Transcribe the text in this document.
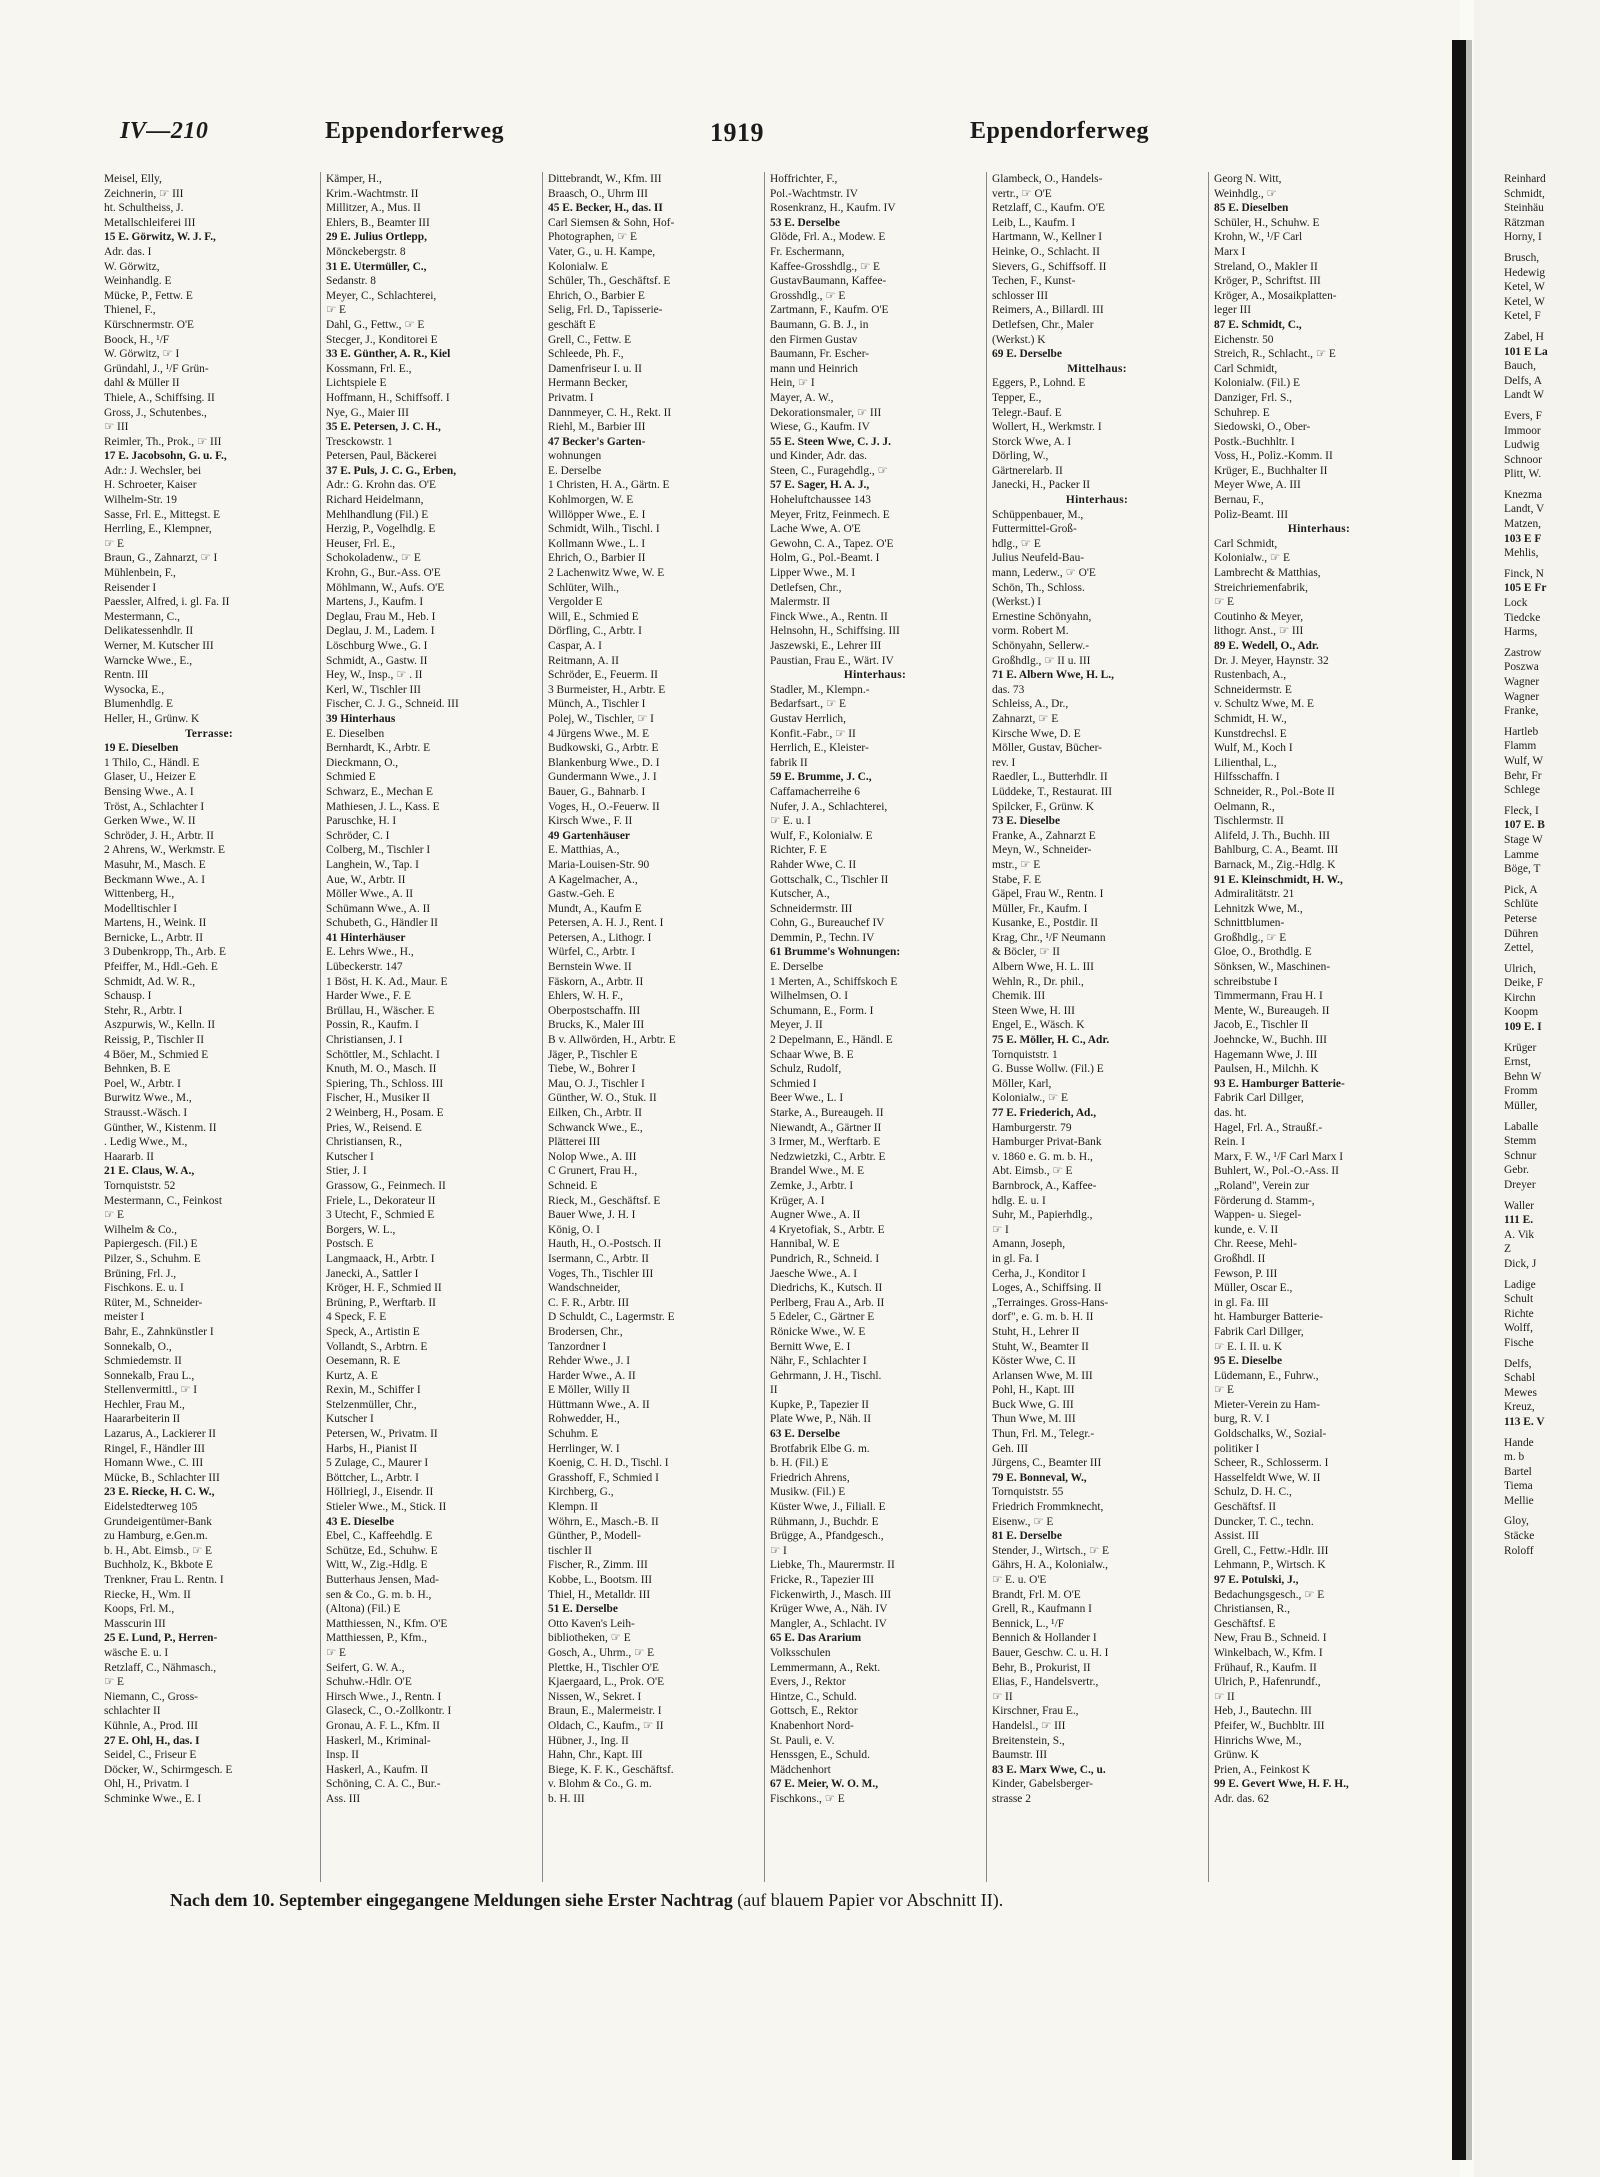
IV—210	Eppendorferweg	1919	Eppendorferweg
Meisel, Elly,
Zeichnerin, ☞ III
ht. Schultheiss, J.
Metallschleiferei III
15 E. Görwitz, W. J. F.,
Adr. das. I
W. Görwitz,
Weinhandlg. E
Mücke, P., Fettw. E
Thienel, F.,
Kürschnermstr. O'E
Boock, H., ¹/F
W. Görwitz, ☞ I
Gründahl, J., ¹/F Grün-
dahl & Müller II
Thiele, A., Schiffsing. II
Gross, J., Schutenbes.,
☞ III
Reimler, Th., Prok., ☞ III
17 E. Jacobsohn, G. u. F.,
Adr.: J. Wechsler, bei
H. Schroeter, Kaiser
Wilhelm-Str. 19
Sasse, Frl. E., Mittegst. E
Herrling, E., Klempner,
☞ E
Braun, G., Zahnarzt, ☞ I
Mühlenbein, F.,
Reisender I
Paessler, Alfred, i. gl. Fa. II
Mestermann, C.,
Delikatessenhdlr. II
Werner, M. Kutscher III
Warncke Wwe., E.,
Rentn. III
Wysocka, E.,
Blumenhdlg. E
Heller, H., Grünw. K
Terrasse:
19 E. Dieselben
1 Thilo, C., Händl. E
Glaser, U., Heizer E
Bensing Wwe., A. I
Tröst, A., Schlachter I
Gerken Wwe., W. II
Schröder, J. H., Arbtr. II
2 Ahrens, W., Werkmstr. E
Masuhr, M., Masch. E
Beckmann Wwe., A. I
Wittenberg, H.,
Modelltischler I
Martens, H., Weink. II
Bernicke, L., Arbtr. II
3 Dubenkropp, Th., Arb. E
Pfeiffer, M., Hdl.-Geh. E
Schmidt, Ad. W. R.,
Schausp. I
Stehr, R., Arbtr. I
Aszpurwis, W., Kelln. II
Reissig, P., Tischler II
4 Böer, M., Schmied E
Behnken, B. E
Poel, W., Arbtr. I
Burwitz Wwe., M.,
Strausst.-Wäsch. I
Günther, W., Kistenm. II
. Ledig Wwe., M.,
Haararb. II
21 E. Claus, W. A.,
Tornquiststr. 52
Mestermann, C., Feinkost
☞ E
Wilhelm & Co.,
Papiergesch. (Fil.) E
Pilzer, S., Schuhm. E
Brüning, Frl. J.,
Fischkons. E. u. I
Rüter, M., Schneider-
meister I
Bahr, E., Zahnkünstler I
Sonnekalb, O.,
Schmiedemstr. II
Sonnekalb, Frau L.,
Stellenvermittl., ☞ I
Hechler, Frau M.,
Haararbeiterin II
Lazarus, A., Lackierer II
Ringel, F., Händler III
Homann Wwe., C. III
Mücke, B., Schlachter III
23 E. Riecke, H. C. W.,
Eidelstedterweg 105
Grundeigentümer-Bank
zu Hamburg, e.Gen.m.
b. H., Abt. Eimsb., ☞ E
Buchholz, K., Bkbote E
Trenkner, Frau L. Rentn. I
Riecke, H., Wm. II
Koops, Frl. M.,
Masscurin III
25 E. Lund, P., Herren-
wäsche E. u. I
Retzlaff, C., Nähmasch.,
☞ E
Niemann, C., Gross-
schlachter II
Kühnle, A., Prod. III
27 E. Ohl, H., das. I
Seidel, C., Friseur E
Döcker, W., Schirmgesch. E
Ohl, H., Privatm. I
Schminke Wwe., E. I
Kämper, H.,
Krim.-Wachtmstr. II
Millitzer, A., Mus. II
Ehlers, B., Beamter III
29 E. Julius Ortlepp,
Mönckebergstr. 8
31 E. Utermüller, C.,
Sedanstr. 8
Meyer, C., Schlachterei,
☞ E
Dahl, G., Fettw., ☞ E
Stecger, J., Konditorei E
33 E. Günther, A. R., Kiel
Kossmann, Frl. E.,
Lichtspiele E
Hoffmann, H., Schiffsoff. I
Nye, G., Maier III
35 E. Petersen, J. C. H.,
Tresckowstr. 1
Petersen, Paul, Bäckerei
37 E. Puls, J. C. G., Erben,
Adr.: G. Krohn das. O'E
Richard Heidelmann,
Mehlhandlung (Fil.) E
Herzig, P., Vogelhdlg. E
Heuser, Frl. E.,
Schokoladenw., ☞ E
Krohn, G., Bur.-Ass. O'E
Möhlmann, W., Aufs. O'E
Martens, J., Kaufm. I
Deglau, Frau M., Heb. I
Deglau, J. M., Ladem. I
Löschburg Wwe., G. I
Schmidt, A., Gastw. II
Hey, W., Insp., ☞ . II
Kerl, W., Tischler III
Fischer, C. J. G., Schneid. III
39 Hinterhaus
E. Dieselben
Bernhardt, K., Arbtr. E
Dieckmann, O.,
Schmied E
Schwarz, E., Mechan E
Mathiesen, J. L., Kass. E
Paruschke, H. I
Schröder, C. I
Colberg, M., Tischler I
Langhein, W., Tap. I
Aue, W., Arbtr. II
Möller Wwe., A. II
Schümann Wwe., A. II
Schubeth, G., Händler II
41 Hinterhäuser
E. Lehrs Wwe., H.,
Lübeckerstr. 147
1 Böst, H. K. Ad., Maur. E
Harder Wwe., F. E
Brüllau, H., Wäscher. E
Possin, R., Kaufm. I
Christiansen, J. I
Schöttler, M., Schlacht. I
Knuth, M. O., Masch. II
Spiering, Th., Schloss. III
Fischer, H., Musiker II
2 Weinberg, H., Posam. E
Pries, W., Reisend. E
Christiansen, R.,
Kutscher I
Stier, J. I
Grassow, G., Feinmech. II
Friele, L., Dekorateur II
3 Utecht, F., Schmied E
Borgers, W. L.,
Postsch. E
Langmaack, H., Arbtr. I
Janecki, A., Sattler I
Kröger, H. F., Schmied II
Brüning, P., Werftarb. II
4 Speck, F. E
Speck, A., Artistin E
Vollandt, S., Arbtrn. E
Oesemann, R. E
Kurtz, A. E
Rexin, M., Schiffer I
Stelzenmüller, Chr.,
Kutscher I
Petersen, W., Privatm. II
Harbs, H., Pianist II
5 Zulage, C., Maurer I
Böttcher, L., Arbtr. I
Höllriegl, J., Eisendr. II
Stieler Wwe., M., Stick. II
43 E. Dieselbe
Ebel, C., Kaffeehdlg. E
Schütze, Ed., Schuhw. E
Witt, W., Zig.-Hdlg. E
Butterhaus Jensen, Mad-
sen & Co., G. m. b. H.,
(Altona) (Fil.) E
Matthiessen, N., Kfm. O'E
Matthiessen, P., Kfm.,
☞ E
Seifert, G. W. A.,
Schuhw.-Hdlr. O'E
Hirsch Wwe., J., Rentn. I
Glaseck, C., O.-Zollkontr. I
Gronau, A. F. L., Kfm. II
Haskerl, M., Kriminal-
Insp. II
Haskerl, A., Kaufm. II
Schöning, C. A. C., Bur.-
Ass. III
Dittebrandt, W., Kfm. III
Braasch, O., Uhrm III
45 E. Becker, H., das. II
Carl Siemsen & Sohn, Hof-
Photographen, ☞ E
Vater, G., u. H. Kampe,
Kolonialw. E
Schüler, Th., Geschäftsf. E
Ehrich, O., Barbier E
Selig, Frl. D., Tapisserie-
geschäft E
Grell, C., Fettw. E
Schleede, Ph. F.,
Damenfriseur I. u. II
Hermann Becker,
Privatm. I
Dannmeyer, C. H., Rekt. II
Riehl, M., Barbier III
47 Becker's Garten-
wohnungen
E. Derselbe
1 Christen, H. A., Gärtn. E
Kohlmorgen, W. E
Willöpper Wwe., E. I
Schmidt, Wilh., Tischl. I
Kollmann Wwe., L. I
Ehrich, O., Barbier II
2 Lachenwitz Wwe, W. E
Schlüter, Wilh.,
Vergolder E
Will, E., Schmied E
Dörfling, C., Arbtr. I
Caspar, A. I
Reitmann, A. II
Schröder, E., Feuerm. II
3 Burmeister, H., Arbtr. E
Münch, A., Tischler I
Polej, W., Tischler, ☞ I
4 Jürgens Wwe., M. E
Budkowski, G., Arbtr. E
Blankenburg Wwe., D. I
Gundermann Wwe., J. I
Bauer, G., Bahnarb. I
Voges, H., O.-Feuerw. II
Kirsch Wwe., F. II
49 Gartenhäuser
E. Matthias, A.,
Maria-Louisen-Str. 90
A Kagelmacher, A.,
Gastw.-Geh. E
Mundt, A., Kaufm E
Petersen, A. H. J., Rent. I
Petersen, A., Lithogr. I
Würfel, C., Arbtr. I
Bernstein Wwe. II
Fäskorn, A., Arbtr. II
Ehlers, W. H. F.,
Oberpostschaffn. III
Brucks, K., Maler III
B v. Allwörden, H., Arbtr. E
Jäger, P., Tischler E
Tiebe, W., Bohrer I
Mau, O. J., Tischler I
Günther, W. O., Stuk. II
Eilken, Ch., Arbtr. II
Schwanck Wwe., E.,
Plätterei III
Nolop Wwe., A. III
C Grunert, Frau H.,
Schneid. E
Rieck, M., Geschäftsf. E
Bauer Wwe, J. H. I
König, O. I
Hauth, H., O.-Postsch. II
Isermann, C., Arbtr. II
Voges, Th., Tischler III
Wandschneider,
C. F. R., Arbtr. III
D Schuldt, C., Lagermstr. E
Brodersen, Chr.,
Tanzordner I
Rehder Wwe., J. I
Harder Wwe., A. II
E Möller, Willy II
Hüttmann Wwe., A. II
Rohwedder, H.,
Schuhm. E
Herrlinger, W. I
Koenig, C. H. D., Tischl. I
Grasshoff, F., Schmied I
Kirchberg, G.,
Klempn. II
Wöhrn, E., Masch.-B. II
Günther, P., Modell-
tischler II
Fischer, R., Zimm. III
Kobbe, L., Bootsm. III
Thiel, H., Metalldr. III
51 E. Derselbe
Otto Kaven's Leih-
bibliotheken, ☞ E
Gosch, A., Uhrm., ☞ E
Plettke, H., Tischler O'E
Kjaergaard, L., Prok. O'E
Nissen, W., Sekret. I
Braun, E., Malermeistr. I
Oldach, C., Kaufm., ☞ II
Hübner, J., Ing. II
Hahn, Chr., Kapt. III
Biege, K. F. K., Geschäftsf.
v. Blohm & Co., G. m.
b. H. III
Hoffrichter, F.,
Pol.-Wachtmstr. IV
Rosenkranz, H., Kaufm. IV
53 E. Derselbe
Glöde, Frl. A., Modew. E
Fr. Eschermann,
Kaffee-Grosshdlg., ☞ E
GustavBaumann, Kaffee-
Grosshdlg., ☞ E
Zartmann, F., Kaufm. O'E
Baumann, G. B. J., in
den Firmen Gustav
Baumann, Fr. Escher-
mann und Heinrich
Hein, ☞ I
Mayer, A. W.,
Dekorationsmaler, ☞ III
Wiese, G., Kaufm. IV
55 E. Steen Wwe, C. J. J.
und Kinder, Adr. das.
Steen, C., Furagehdlg., ☞
57 E. Sager, H. A. J.,
Hoheluftchaussee 143
Meyer, Fritz, Feinmech. E
Lache Wwe, A. O'E
Gewohn, C. A., Tapez. O'E
Holm, G., Pol.-Beamt. I
Lipper Wwe., M. I
Detlefsen, Chr.,
Malermstr. II
Finck Wwe., A., Rentn. II
Helnsohn, H., Schiffsing. III
Jaszewski, E., Lehrer III
Paustian, Frau E., Wärt. IV
Hinterhaus:
Stadler, M., Klempn.-
Bedarfsart., ☞ E
Gustav Herrlich,
Konfit.-Fabr., ☞ II
Herrlich, E., Kleister-
fabrik II
59 E. Brumme, J. C.,
Caffamacherreihe 6
Nufer, J. A., Schlachterei,
☞ E. u. I
Wulf, F., Kolonialw. E
Richter, F. E
Rahder Wwe, C. II
Gottschalk, C., Tischler II
Kutscher, A.,
Schneidermstr. III
Cohn, G., Bureauchef IV
Demmin, P., Techn. IV
61 Brumme's Wohnungen:
E. Derselbe
1 Merten, A., Schiffskoch E
Wilhelmsen, O. I
Schumann, E., Form. I
Meyer, J. II
2 Depelmann, E., Händl. E
Schaar Wwe, B. E
Schulz, Rudolf,
Schmied I
Beer Wwe., L. I
Starke, A., Bureaugeh. II
Niewandt, A., Gärtner II
3 Irmer, M., Werftarb. E
Nedzwietzki, C., Arbtr. E
Brandel Wwe., M. E
Zemke, J., Arbtr. I
Krüger, A. I
Augner Wwe., A. II
4 Kryetofiak, S., Arbtr. E
Hannibal, W. E
Pundrich, R., Schneid. I
Jaesche Wwe., A. I
Diedrichs, K., Kutsch. II
Perlberg, Frau A., Arb. II
5 Edeler, C., Gärtner E
Rönicke Wwe., W. E
Bernitt Wwe, E. I
Nähr, F., Schlachter I
Gehrmann, J. H., Tischl.
II
Kupke, P., Tapezier II
Plate Wwe, P., Näh. II
63 E. Derselbe
Brotfabrik Elbe G. m.
b. H. (Fil.) E
Friedrich Ahrens,
Musikw. (Fil.) E
Küster Wwe, J., Filiall. E
Rühmann, J., Buchdr. E
Brügge, A., Pfandgesch.,
☞ I
Liebke, Th., Maurermstr. II
Fricke, R., Tapezier III
Fickenwirth, J., Masch. III
Krüger Wwe, A., Näh. IV
Mangler, A., Schlacht. IV
65 E. Das Ararium
Volksschulen
Lemmermann, A., Rekt.
Evers, J., Rektor
Hintze, C., Schuld.
Gottsch, E., Rektor
Knabenhort Nord-
St. Pauli, e. V.
Henssgen, E., Schuld.
Mädchenhort
67 E. Meier, W. O. M.,
Fischkons., ☞ E
Glambeck, O., Handels-
vertr., ☞ O'E
Retzlaff, C., Kaufm. O'E
Leib, L., Kaufm. I
Hartmann, W., Kellner I
Heinke, O., Schlacht. II
Sievers, G., Schiffsoff. II
Techen, F., Kunst-
schlosser III
Reimers, A., Billardl. III
Detlefsen, Chr., Maler
(Werkst.) K
69 E. Derselbe
Mittelhaus:
Eggers, P., Lohnd. E
Tepper, E.,
Telegr.-Bauf. E
Wollert, H., Werkmstr. I
Storck Wwe, A. I
Dörling, W.,
Gärtnerelarb. II
Janecki, H., Packer II
Hinterhaus:
Schüppenbauer, M.,
Futtermittel-Groß-
hdlg., ☞ E
Julius Neufeld-Bau-
mann, Lederw., ☞ O'E
Schön, Th., Schloss.
(Werkst.) I
Ernestine Schönyahn,
vorm. Robert M.
Schönyahn, Sellerw.-
Großhdlg., ☞ II u. III
71 E. Albern Wwe, H. L.,
das. 73
Schleiss, A., Dr.,
Zahnarzt, ☞ E
Kirsche Wwe, D. E
Möller, Gustav, Bücher-
rev. I
Raedler, L., Butterhdlr. II
Lüddeke, T., Restaurat. III
Spilcker, F., Grünw. K
73 E. Dieselbe
Franke, A., Zahnarzt E
Meyn, W., Schneider-
mstr., ☞ E
Stabe, F. E
Gäpel, Frau W., Rentn. I
Müller, Fr., Kaufm. I
Kusanke, E., Postdir. II
Krag, Chr., ¹/F Neumann
& Böcler, ☞ II
Albern Wwe, H. L. III
Wehln, R., Dr. phil.,
Chemik. III
Steen Wwe, H. III
Engel, E., Wäsch. K
75 E. Möller, H. C., Adr.
Tornquiststr. 1
G. Busse Wollw. (Fil.) E
Möller, Karl,
Kolonialw., ☞ E
77 E. Friederich, Ad.,
Hamburgerstr. 79
Hamburger Privat-Bank
v. 1860 e. G. m. b. H.,
Abt. Eimsb., ☞ E
Barnbrock, A., Kaffee-
hdlg. E. u. I
Suhr, M., Papierhdlg.,
☞ I
Amann, Joseph,
in gl. Fa. I
Cerha, J., Konditor I
Loges, A., Schiffsing. II
„Terrainges. Gross-Hans-
dorf", e. G. m. b. H. II
Stuht, H., Lehrer II
Stuht, W., Beamter II
Köster Wwe, C. II
Arlansen Wwe, M. III
Pohl, H., Kapt. III
Buck Wwe, G. III
Thun Wwe, M. III
Thun, Frl. M., Telegr.-
Geh. III
Jürgens, C., Beamter III
79 E. Bonneval, W.,
Tornquiststr. 55
Friedrich Frommknecht,
Eisenw., ☞ E
81 E. Derselbe
Stender, J., Wirtsch., ☞ E
Gährs, H. A., Kolonialw.,
☞ E. u. O'E
Brandt, Frl. M. O'E
Grell, R., Kaufmann I
Bennick, L., ¹/F
Bennich & Hollander I
Bauer, Geschw. C. u. H. I
Behr, B., Prokurist, II
Elias, F., Handelsvertr.,
☞ II
Kirschner, Frau E.,
Handelsl., ☞ III
Breitenstein, S.,
Baumstr. III
83 E. Marx Wwe, C., u.
Kinder, Gabelsberger-
strasse 2
Georg N. Witt,
Weinhdlg., ☞
85 E. Dieselben
Schüler, H., Schuhw. E
Krohn, W., ¹/F Carl
Marx I
Streland, O., Makler II
Kröger, P., Schriftst. III
Kröger, A., Mosaikplatten-
leger III
87 E. Schmidt, C.,
Eichenstr. 50
Streich, R., Schlacht., ☞ E
Carl Schmidt,
Kolonialw. (Fil.) E
Danziger, Frl. S.,
Schuhrep. E
Siedowski, O., Ober-
Postk.-Buchhltr. I
Voss, H., Polìz.-Komm. II
Krüger, E., Buchhalter II
Meyer Wwe, A. III
Bernau, F.,
Polìz-Beamt. III
Hinterhaus:
Carl Schmidt,
Kolonialw., ☞ E
Lambrecht & Matthias,
Streichriemenfabrik,
☞ E
Coutinho & Meyer,
lithogr. Anst., ☞ III
89 E. Wedell, O., Adr.
Dr. J. Meyer, Haynstr. 32
Rustenbach, A.,
Schneidermstr. E
v. Schultz Wwe, M. E
Schmidt, H. W.,
Kunstdrechsl. E
Wulf, M., Koch I
Lilienthal, L.,
Hilfsschaffn. I
Schneider, R., Pol.-Bote II
Oelmann, R.,
Tischlermstr. II
Alifeld, J. Th., Buchh. III
Bahlburg, C. A., Beamt. III
Barnack, M., Zig.-Hdlg. K
91 E. Kleinschmidt, H. W.,
Admiralitätstr. 21
Lehnitzk Wwe, M.,
Schnittblumen-
Großhdlg., ☞ E
Gloe, O., Brothdlg. E
Sönksen, W., Maschinen-
schreibstube I
Timmermann, Frau H. I
Mente, W., Bureaugeh. II
Jacob, E., Tischler II
Joehncke, W., Buchh. III
Hagemann Wwe, J. III
Paulsen, H., Milchh. K
93 E. Hamburger Batterie-
Fabrik Carl Dillger,
das. ht.
Hagel, Frl. A., Straußf.-
Rein. I
Marx, F. W., ¹/F Carl Marx I
Buhlert, W., Pol.-O.-Ass. II
„Roland", Verein zur
Förderung d. Stamm-,
Wappen- u. Siegel-
kunde, e. V. II
Chr. Reese, Mehl-
Großhdl. II
Fewson, P. III
Müller, Oscar E.,
in gl. Fa. III
ht. Hamburger Batterie-
Fabrik Carl Dillger,
☞ E. I. II. u. K
95 E. Dieselbe
Lüdemann, E., Fuhrw.,
☞ E
Mieter-Verein zu Ham-
burg, R. V. I
Goldschalks, W., Sozial-
politiker I
Scheer, R., Schlosserm. I
Hasselfeldt Wwe, W. II
Schulz, D. H. C.,
Geschäftsf. II
Duncker, T. C., techn.
Assist. III
Grell, C., Fettw.-Hdlr. III
Lehmann, P., Wirtsch. K
97 E. Potulski, J.,
Bedachungsgesch., ☞ E
Christiansen, R.,
Geschäftsf. E
New, Frau B., Schneid. I
Winkelbach, W., Kfm. I
Frühauf, R., Kaufm. II
Ulrich, P., Hafenrundf.,
☞ II
Heb, J., Bautechn. III
Pfeifer, W., Buchbltr. III
Hinrichs Wwe, M.,
Grünw. K
Prien, A., Feinkost K
99 E. Gevert Wwe, H. F. H.,
Adr. das. 62
Nach dem 10. September eingegangene Meldungen siehe Erster Nachtrag (auf blauem Papier vor Abschnitt II).
Reinhard
Schmidt,
Steinhäu
Rätzman
Horny, I
Brusch,
Hedewig
Ketel, W
Ketel, W
Ketel, F
Zabel, H
101 E La
Bauch,
Delfs, A
Landt W
Evers, F
Immoor
Ludwig
Schnoor
Plitt, W.
Knezma
Landt, V
Matzen,
103 E F
Mehlis,
Finck, N
105 E Fr
Lock
Tiedcke
Harms,
Zastrow
Poszwa
Wagner
Wagner
Franke,
Hartleb
Flamm
Wulf, W
Behr, Fr
Schlege
Fleck, I
107 E. B
Stage W
Lamme
Böge, T
Pick, A
Schlüte
Peterse
Dühren
Zettel,
Ulrich,
Deike, F
Kirchn
Koopm
109 E. I
Krüger
Ernst,
Behn W
Fromm
Müller,
Laballe
Stemm
Schnur
Gebr.
Dreyer
Waller
111 E.
A. Vik
Z
Dick, J
Ladige
Schult
Richte
Wolff,
Fische
Delfs,
Schabl
Mewes
Kreuz,
113 E. V
Hande
m. b
Bartel
Tiema
Mellie
Gloy,
Stäcke
Roloff
